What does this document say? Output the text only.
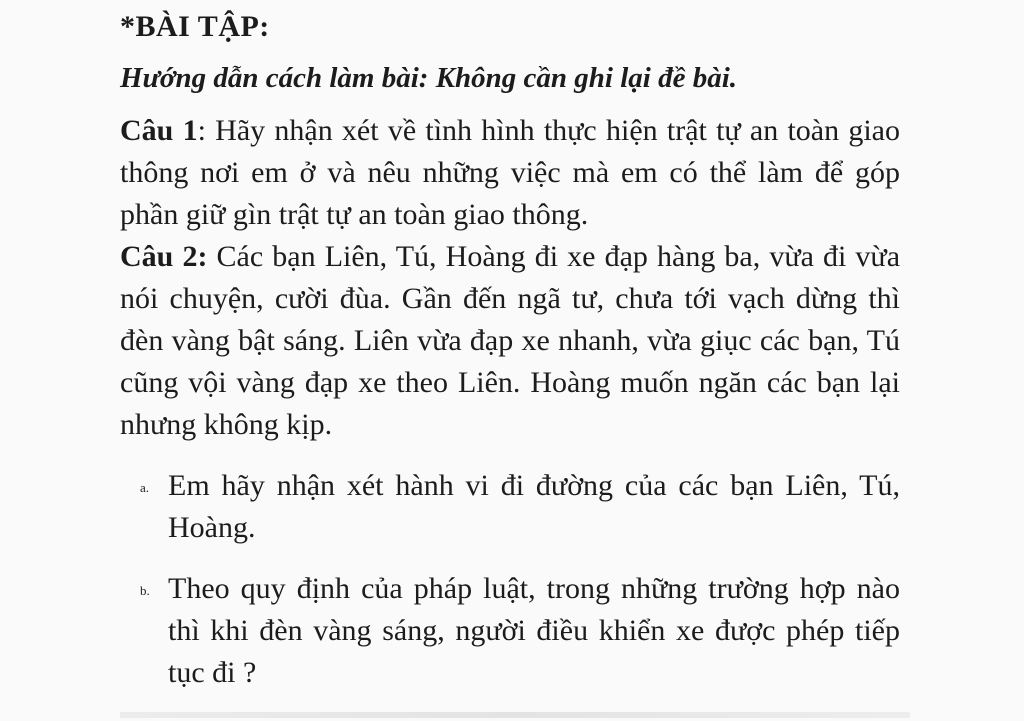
*BÀI TẬP:
Hướng dẫn cách làm bài: Không cần ghi lại đề bài.
Câu 1: Hãy nhận xét về tình hình thực hiện trật tự an toàn giao thông nơi em ở và nêu những việc mà em có thể làm để góp phần giữ gìn trật tự an toàn giao thông.
Câu 2: Các bạn Liên, Tú, Hoàng đi xe đạp hàng ba, vừa đi vừa nói chuyện, cười đùa. Gần đến ngã tư, chưa tới vạch dừng thì đèn vàng bật sáng. Liên vừa đạp xe nhanh, vừa giục các bạn, Tú cũng vội vàng đạp xe theo Liên. Hoàng muốn ngăn các bạn lại nhưng không kịp.
a. Em hãy nhận xét hành vi đi đường của các bạn Liên, Tú, Hoàng.
b. Theo quy định của pháp luật, trong những trường hợp nào thì khi đèn vàng sáng, người điều khiển xe được phép tiếp tục đi ?
